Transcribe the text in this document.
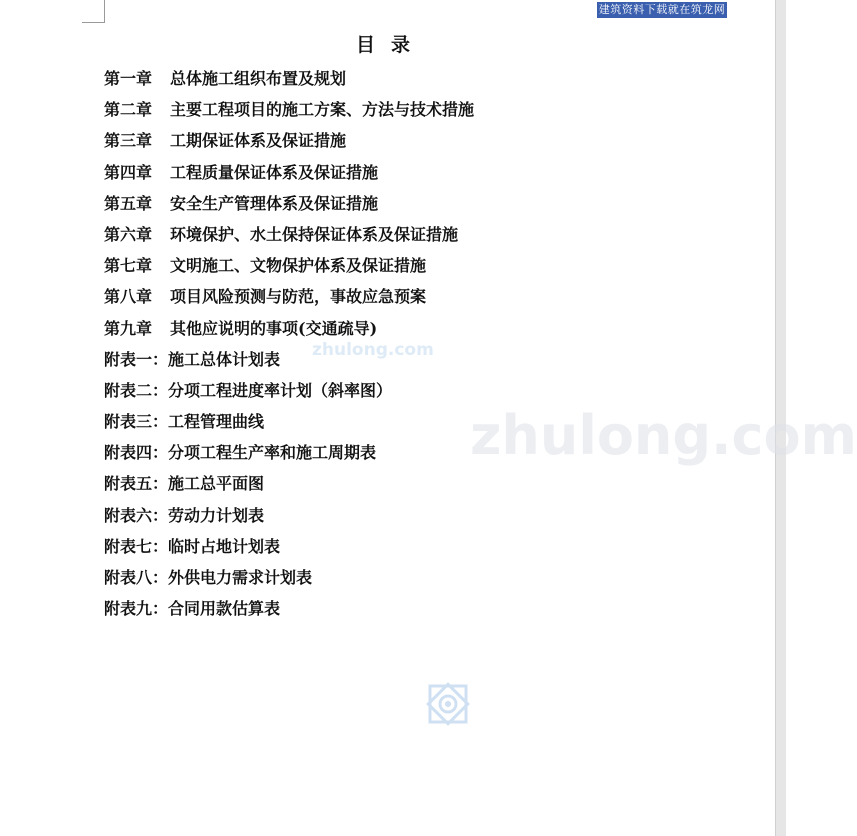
建筑资料下载就在筑龙网
zhulong.com
zhulong.com
目录
第一章	总体施工组织布置及规划
第二章	主要工程项目的施工方案、方法与技术措施
第三章	工期保证体系及保证措施
第四章	工程质量保证体系及保证措施
第五章	安全生产管理体系及保证措施
第六章	环境保护、水土保持保证体系及保证措施
第七章	文明施工、文物保护体系及保证措施
第八章	项目风险预测与防范，事故应急预案
第九章	其他应说明的事项(交通疏导)
附表一： 施工总体计划表
附表二： 分项工程进度率计划（斜率图）
附表三： 工程管理曲线
附表四： 分项工程生产率和施工周期表
附表五： 施工总平面图
附表六： 劳动力计划表
附表七： 临时占地计划表
附表八： 外供电力需求计划表
附表九： 合同用款估算表
